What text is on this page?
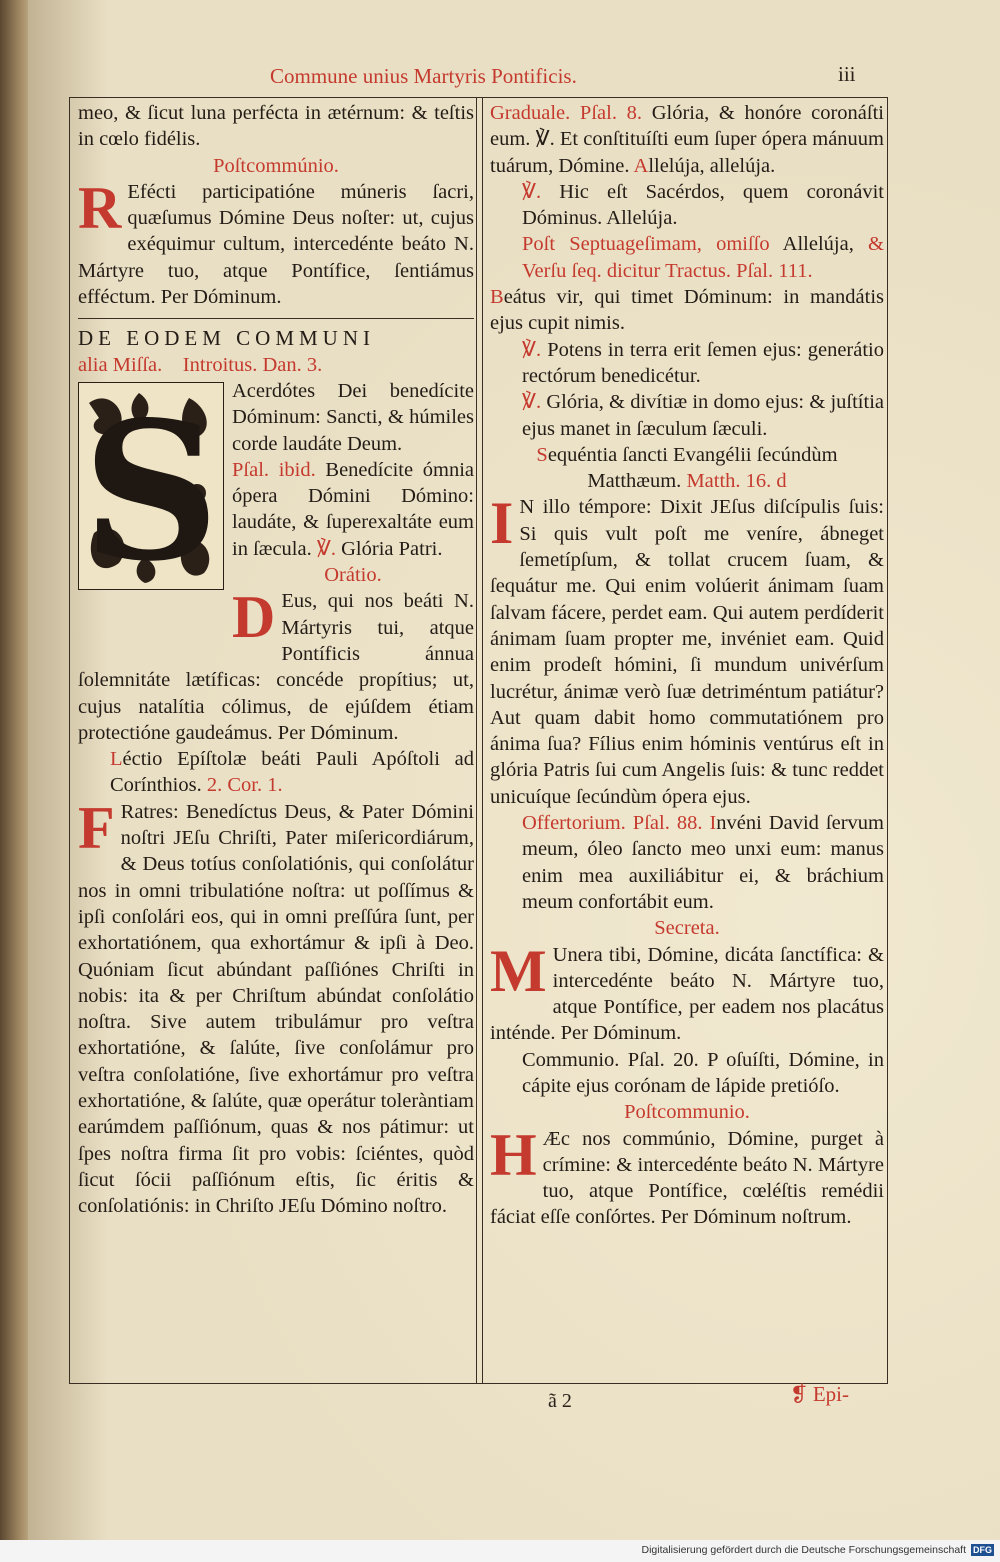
Commune unius Martyris Pontificis.	iii

meo, & ſicut luna perfécta in ætérnum: & teſtis in cœlo fidélis.

Poſtcommúnio.

R Efécti participatióne múneris ſacri, quæſumus Dómine Deus noſter: ut, cujus exéquimur cultum, intercedénte beáto N. Mártyre tuo, atque Pontífice, ſentiámus efféctum. Per Dóminum.

DE EODEM COMMUNI

alia Miſſa. Introitus. Dan. 3.

S Acerdótes Dei benedícite Dóminum: Sancti, & húmiles corde laudáte Deum.
Pſal. ibid. Benedícite ómnia ópera Dómini Dómino: laudáte, & ſuperexaltáte eum in ſæcula. ℣. Glória Patri.

Orátio.

D Eus, qui nos beáti N. Mártyris tui, atque Pontíficis ánnua ſolemnitáte lætíficas: concéde propítius; ut, cujus natalítia cólimus, de ejúſdem étiam protectióne gaudeámus. Per Dóminum.

Léctio Epíſtolæ beáti Pauli Apóſtoli ad Corínthios. 2. Cor. 1.

F Ratres: Benedíctus Deus, & Pater Dómini noſtri JEſu Chriſti, Pater miſericordiárum, & Deus totíus conſolatiónis, qui conſolátur nos in omni tribulatióne noſtra: ut poſſímus & ipſi conſolári eos, qui in omni preſſúra ſunt, per exhortatiónem, qua exhortámur & ipſi à Deo. Quóniam ſicut abúndant paſſiónes Chriſti in nobis: ita & per Chriſtum abúndat conſolátio noſtra. Sive autem tribulámur pro veſtra exhortatióne, & ſalúte, ſive conſolámur pro veſtra conſolatióne, ſive exhortámur pro veſtra exhortatióne, & ſalúte, quæ operátur toleràntiam earúmdem paſſiónum, quas & nos pátimur: ut ſpes noſtra firma ſit pro vobis: ſciéntes, quòd ſicut ſócii paſſiónum eſtis, ſic éritis & conſolatiónis: in Chriſto JEſu Dómino noſtro.

Graduale. Pſal. 8. Glória, & honóre coronáſti eum. ℣. Et conſtituíſti eum ſuper ópera mánuum tuárum, Dómine. Allelúja, allelúja.

℣. Hic eſt Sacérdos, quem coronávit Dóminus. Allelúja.

Poſt Septuageſimam, omiſſo Allelúja, & Verſu ſeq. dicitur Tractus. Pſal. 111.

Beátus vir, qui timet Dóminum: in mandátis ejus cupit nimis.

℣. Potens in terra erit ſemen ejus: generátio rectórum benedicétur.

℣. Glória, & divítiæ in domo ejus: & juſtítia ejus manet in ſæculum ſæculi.

Sequéntia ſancti Evangélii ſecúndùm Matthæum. Matth. 16. d

I N illo témpore: Dixit JEſus diſcípulis ſuis: Si quis vult poſt me veníre, ábneget ſemetípſum, & tollat crucem ſuam, & ſequátur me. Qui enim volúerit ánimam ſuam ſalvam fácere, perdet eam. Qui autem perdíderit ánimam ſuam propter me, invéniet eam. Quid enim prodeſt hómini, ſi mundum univérſum lucrétur, ánimæ verò ſuæ detriméntum patiátur? Aut quam dabit homo commutatiónem pro ánima ſua? Fílius enim hóminis ventúrus eſt in glória Patris ſui cum Angelis ſuis: & tunc reddet unicuíque ſecúndùm ópera ejus.

Offertorium. Pſal. 88. Invéni David ſervum meum, óleo ſancto meo unxi eum: manus enim mea auxiliábitur ei, & bráchium meum confortábit eum.

Secreta.

M Unera tibi, Dómine, dicáta ſanctífica: & intercedénte beáto N. Mártyre tuo, atque Pontífice, per eadem nos placátus inténde. Per Dóminum.

Communio. Pſal. 20. P oſuíſti, Dómine, in cápite ejus corónam de lápide pretióſo.

Poſtcommunio.

H Æc nos commúnio, Dómine, purget à crímine: & intercedénte beáto N. Mártyre tuo, atque Pontífice, cœléſtis remédii fáciat eſſe conſórtes. Per Dóminum noſtrum.

ã 2	❡ Epi-
Digitalisierung gefördert durch die Deutsche Forschungsgemeinschaft DFG
